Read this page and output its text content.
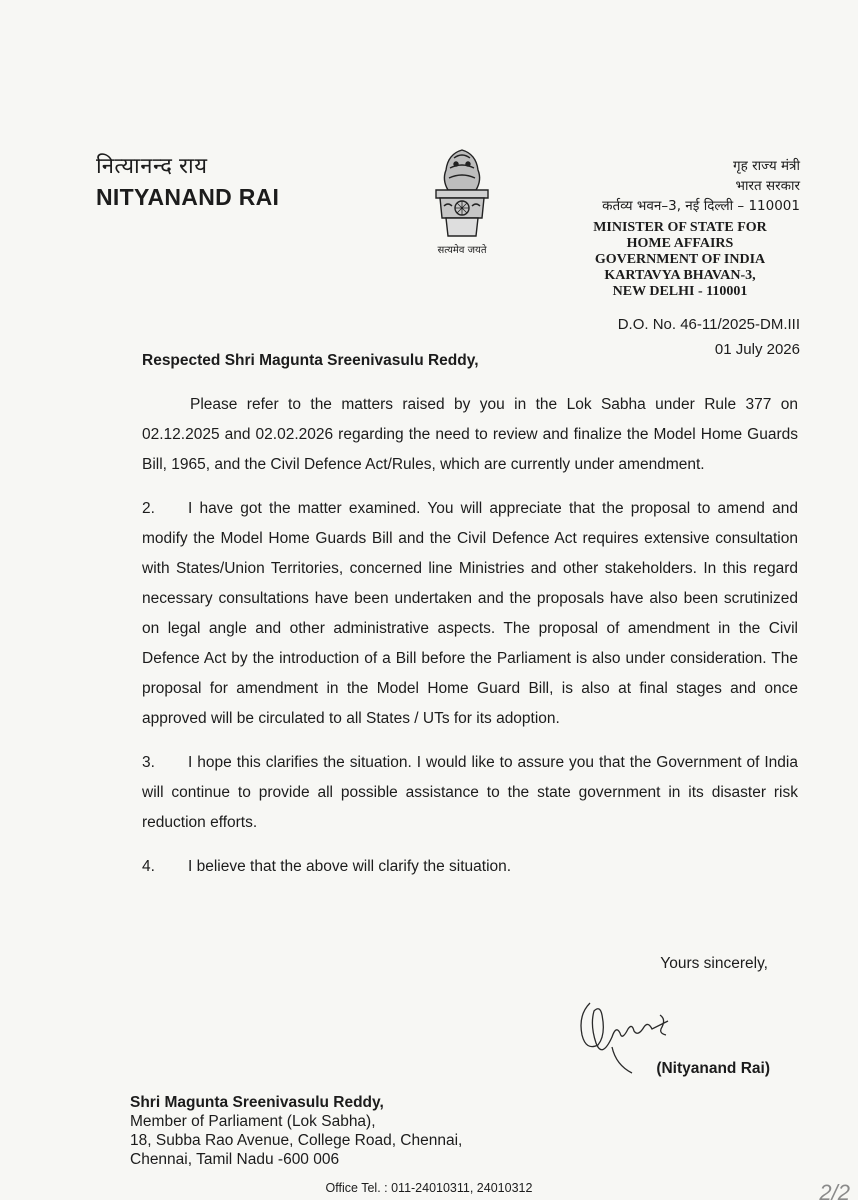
नित्यानन्द राय
NITYANAND RAI
सत्यमेव जयते
गृह राज्य मंत्री
भारत सरकार
कर्तव्य भवन–3, नई दिल्ली – 110001
MINISTER OF STATE FOR
HOME AFFAIRS
GOVERNMENT OF INDIA
KARTAVYA BHAVAN-3,
NEW DELHI - 110001
D.O. No. 46-11/2025-DM.III
01 July 2026
Respected Shri Magunta Sreenivasulu Reddy,

Please refer to the matters raised by you in the Lok Sabha under Rule 377 on 02.12.2025 and 02.02.2026 regarding the need to review and finalize the Model Home Guards Bill, 1965, and the Civil Defence Act/Rules, which are currently under amendment.

2. I have got the matter examined. You will appreciate that the proposal to amend and modify the Model Home Guards Bill and the Civil Defence Act requires extensive consultation with States/Union Territories, concerned line Ministries and other stakeholders. In this regard necessary consultations have been undertaken and the proposals have also been scrutinized on legal angle and other administrative aspects. The proposal of amendment in the Civil Defence Act by the introduction of a Bill before the Parliament is also under consideration. The proposal for amendment in the Model Home Guard Bill, is also at final stages and once approved will be circulated to all States / UTs for its adoption.

3. I hope this clarifies the situation. I would like to assure you that the Government of India will continue to provide all possible assistance to the state government in its disaster risk reduction efforts.

4. I believe that the above will clarify the situation.

Yours sincerely,
(Nityanand Rai)
Shri Magunta Sreenivasulu Reddy,
Member of Parliament (Lok Sabha),
18, Subba Rao Avenue, College Road, Chennai,
Chennai, Tamil Nadu -600 006
Office Tel. : 011-24010311, 24010312	2/2
